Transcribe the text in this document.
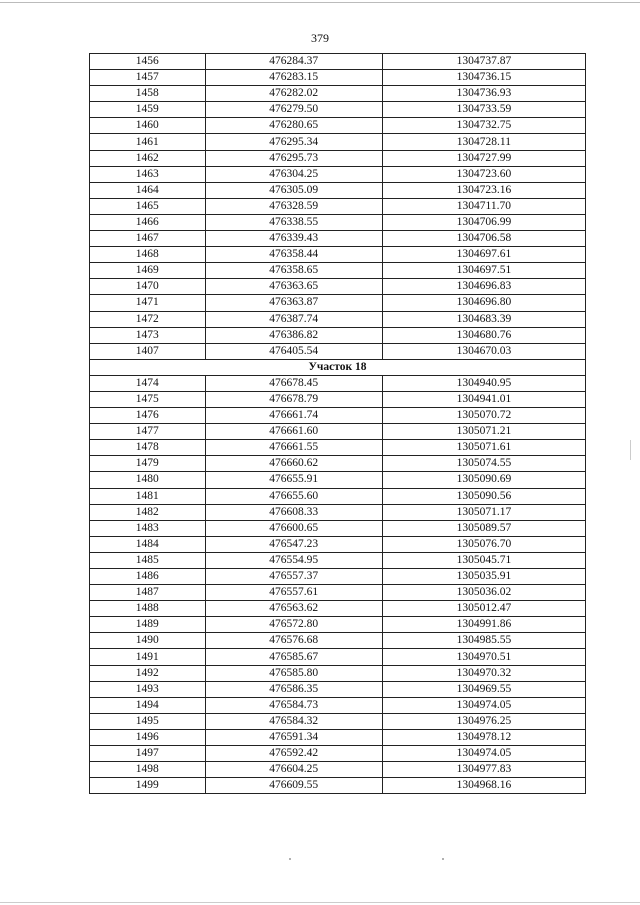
379
1456	476284.37	1304737.87
1457	476283.15	1304736.15
1458	476282.02	1304736.93
1459	476279.50	1304733.59
1460	476280.65	1304732.75
1461	476295.34	1304728.11
1462	476295.73	1304727.99
1463	476304.25	1304723.60
1464	476305.09	1304723.16
1465	476328.59	1304711.70
1466	476338.55	1304706.99
1467	476339.43	1304706.58
1468	476358.44	1304697.61
1469	476358.65	1304697.51
1470	476363.65	1304696.83
1471	476363.87	1304696.80
1472	476387.74	1304683.39
1473	476386.82	1304680.76
1407	476405.54	1304670.03
Участок 18		
1474	476678.45	1304940.95
1475	476678.79	1304941.01
1476	476661.74	1305070.72
1477	476661.60	1305071.21
1478	476661.55	1305071.61
1479	476660.62	1305074.55
1480	476655.91	1305090.69
1481	476655.60	1305090.56
1482	476608.33	1305071.17
1483	476600.65	1305089.57
1484	476547.23	1305076.70
1485	476554.95	1305045.71
1486	476557.37	1305035.91
1487	476557.61	1305036.02
1488	476563.62	1305012.47
1489	476572.80	1304991.86
1490	476576.68	1304985.55
1491	476585.67	1304970.51
1492	476585.80	1304970.32
1493	476586.35	1304969.55
1494	476584.73	1304974.05
1495	476584.32	1304976.25
1496	476591.34	1304978.12
1497	476592.42	1304974.05
1498	476604.25	1304977.83
1499	476609.55	1304968.16
